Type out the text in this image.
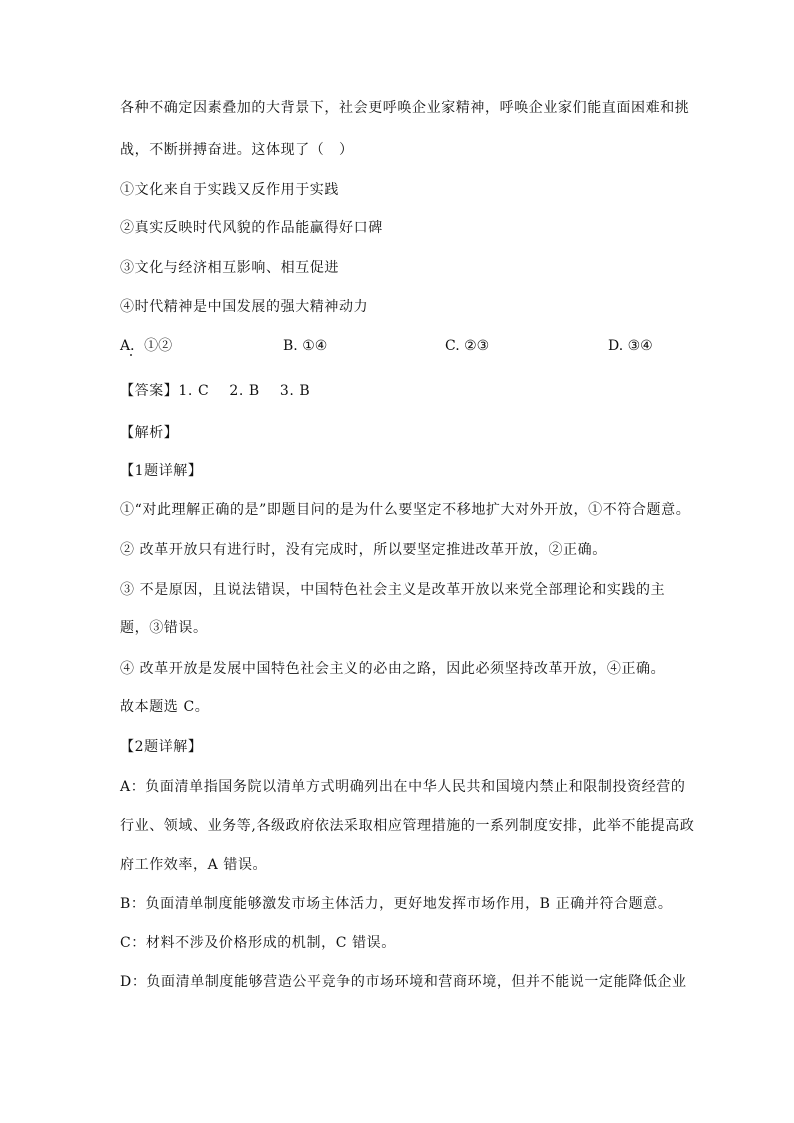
各种不确定因素叠加的大背景下，社会更呼唤企业家精神，呼唤企业家们能直面困难和挑
战，不断拼搏奋进。这体现了（　）
①文化来自于实践又反作用于实践
②真实反映时代风貌的作品能赢得好口碑
③文化与经济相互影响、相互促进
④时代精神是中国发展的强大精神动力
A．①②	B. ①④	C. ②③	D. ③④
【答案】1. C 2. B 3. B
【解析】
【1题详解】
①“对此理解正确的是”即题目问的是为什么要坚定不移地扩大对外开放，①不符合题意。
② 改革开放只有进行时，没有完成时，所以要坚定推进改革开放，②正确。
③ 不是原因，且说法错误，中国特色社会主义是改革开放以来党全部理论和实践的主
题，③错误。
④ 改革开放是发展中国特色社会主义的必由之路，因此必须坚持改革开放，④正确。
故本题选 C。
【2题详解】
A：负面清单指国务院以清单方式明确列出在中华人民共和国境内禁止和限制投资经营的
行业、领域、业务等,各级政府依法采取相应管理措施的一系列制度安排，此举不能提高政
府工作效率，A 错误。
B：负面清单制度能够激发市场主体活力，更好地发挥市场作用，B 正确并符合题意。
C：材料不涉及价格形成的机制，C 错误。
D：负面清单制度能够营造公平竞争的市场环境和营商环境，但并不能说一定能降低企业
